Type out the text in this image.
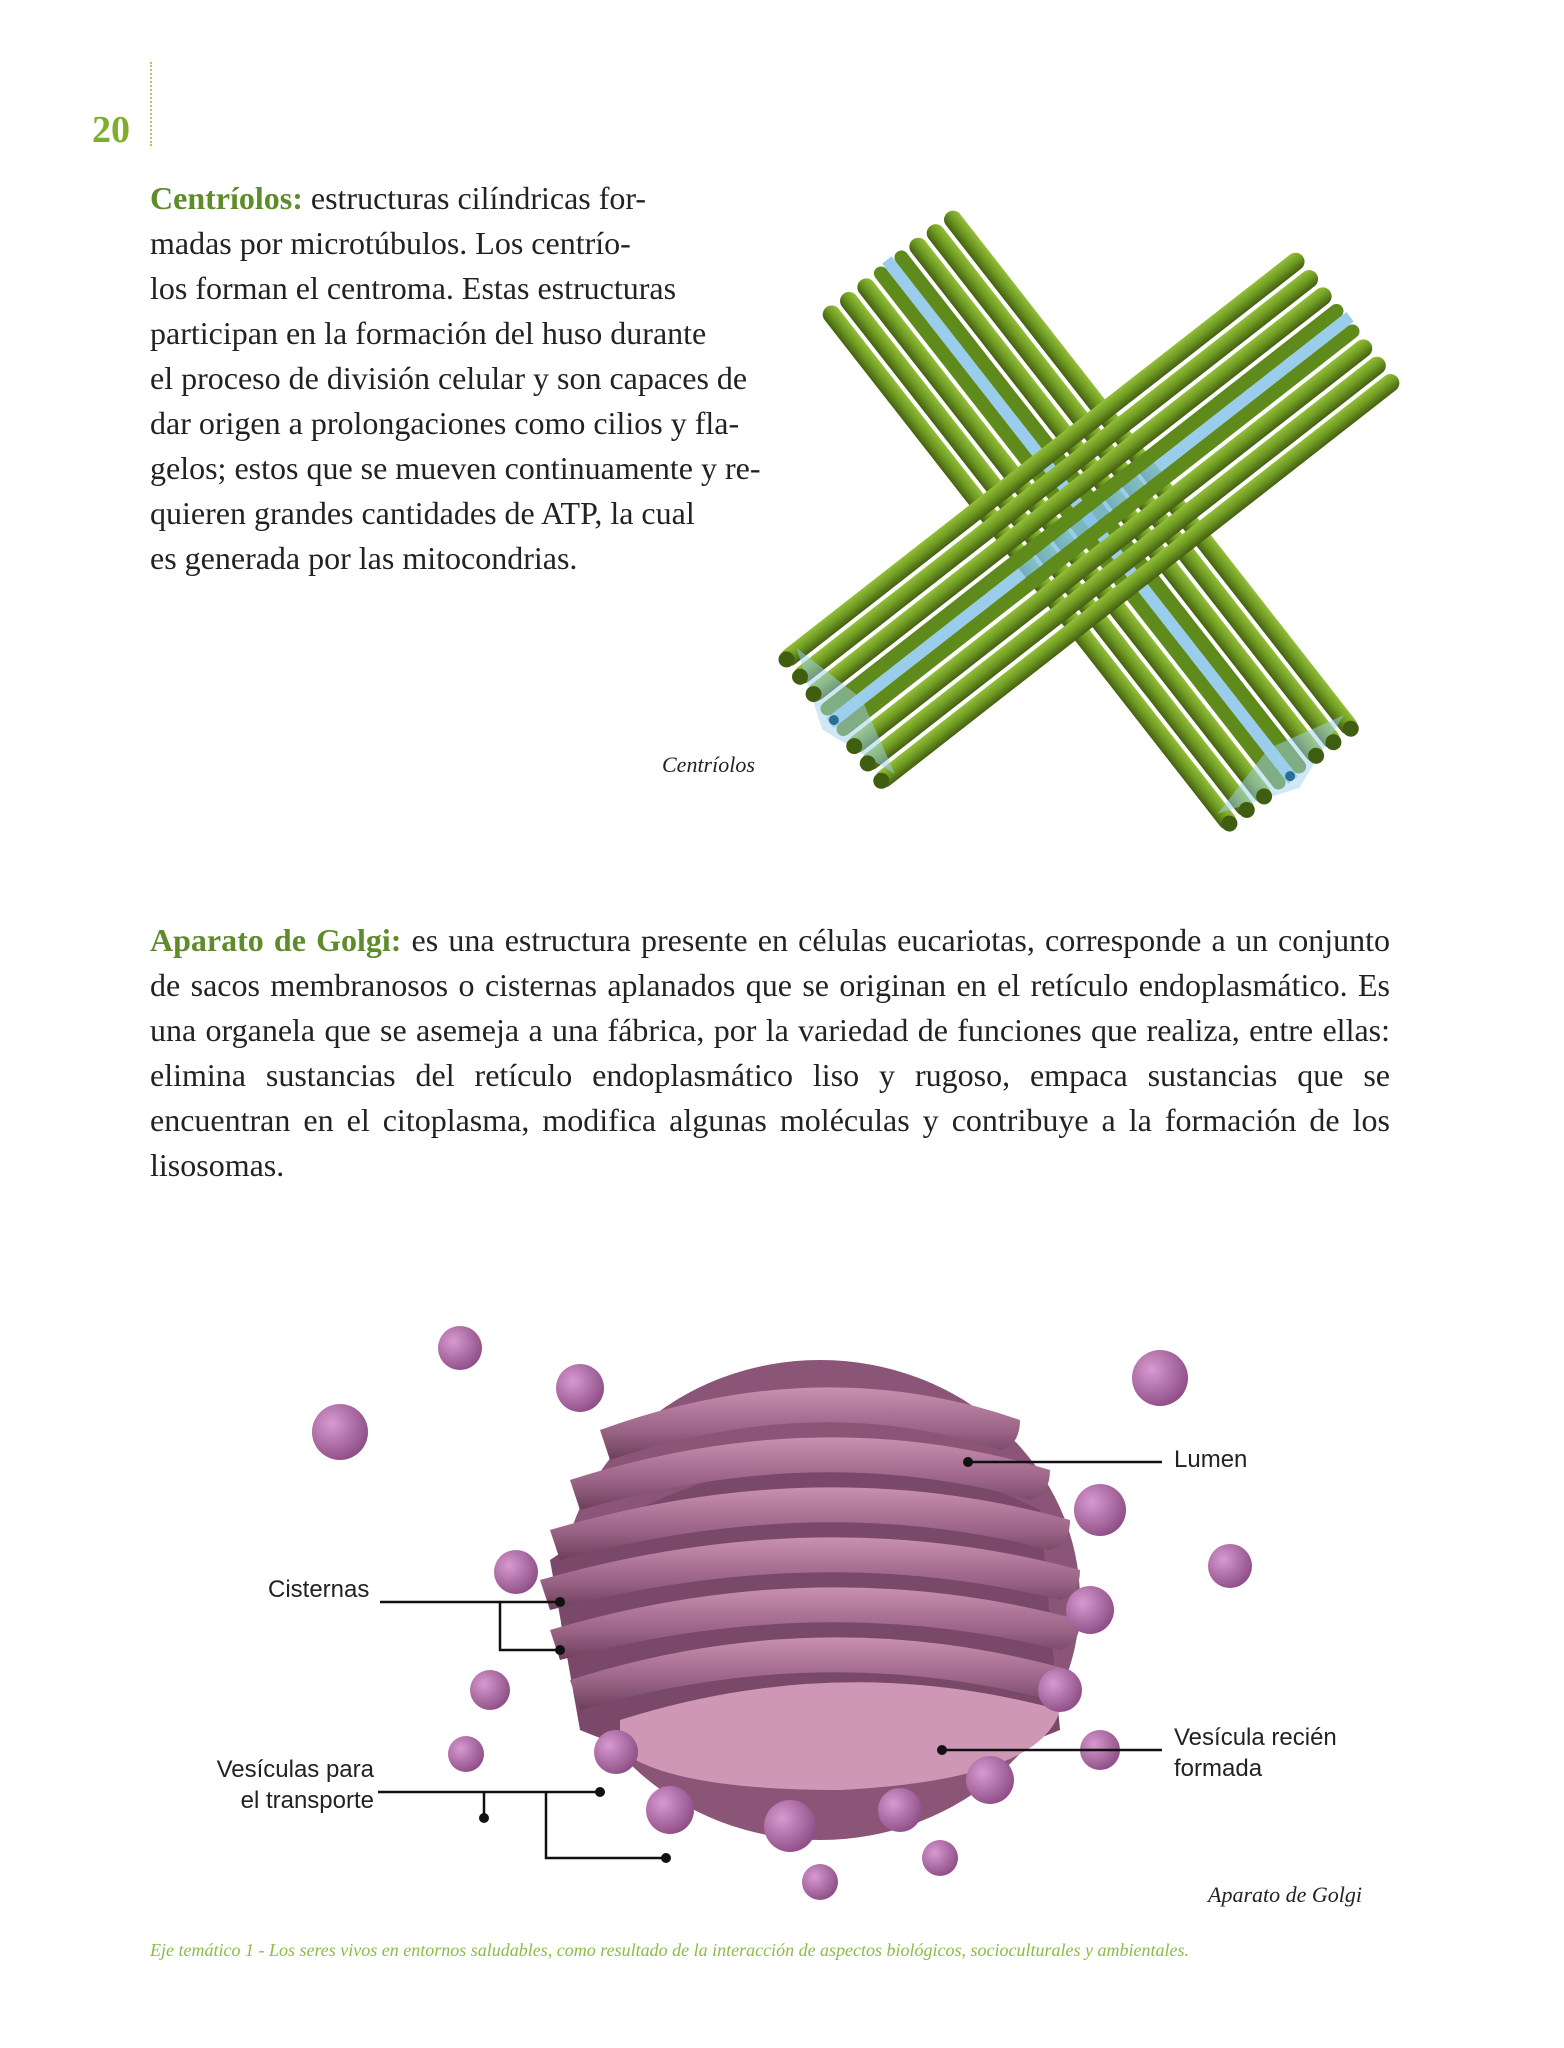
20
Centríolos: estructuras cilíndricas for-
madas por microtúbulos. Los centrío-
los forman el centroma. Estas estructuras
participan en la formación del huso durante
el proceso de división celular y son capaces de
dar origen a prolongaciones como cilios y fla-
gelos; estos que se mueven continuamente y re-
quieren grandes cantidades de ATP, la cual
es generada por las mitocondrias.
Centríolos
Aparato de Golgi: es una estructura presente en células eucariotas, corresponde a un conjunto de sacos membranosos o cisternas aplanados que se originan en el retículo endoplasmático. Es una organela que se asemeja a una fábrica, por la variedad de funciones que realiza, entre ellas: elimina sustancias del retículo endoplasmático liso y rugoso, empaca sustancias que se encuentran en el citoplasma, modifica algunas moléculas y contribuye a la formación de los lisosomas.
Lumen
Cisternas
Vesículas para
el transporte
Vesícula recién
formada
Aparato de Golgi
Eje temático 1 - Los seres vivos en entornos saludables, como resultado de la interacción de aspectos biológicos, socioculturales y ambientales.
